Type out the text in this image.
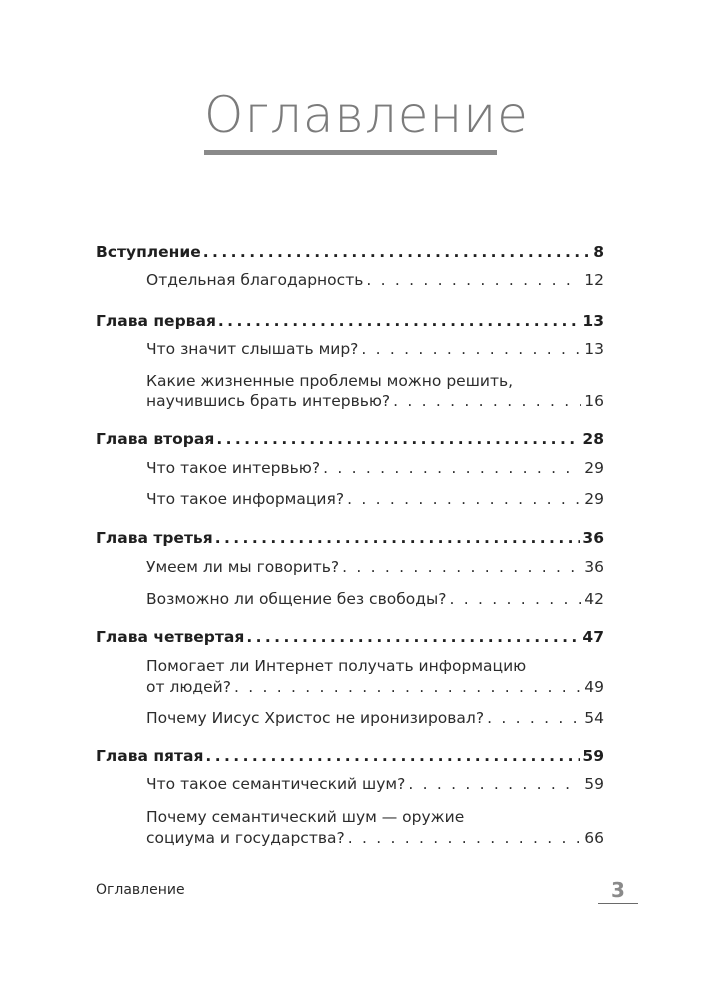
Оглавление
Вступление .....	8
Отдельная благодарность . . .	12
Глава первая .....	13
Что значит слышать мир? . . .	13
Какие жизненные проблемы можно решить,
научившись брать интервью? . . .	16
Глава вторая .....	28
Что такое интервью? . . .	29
Что такое информация? . . .	29
Глава третья .....	36
Умеем ли мы говорить? . . .	36
Возможно ли общение без свободы? . . .	42
Глава четвертая .....	47
Помогает ли Интернет получать информацию
от людей? . . .	49
Почему Иисус Христос не иронизировал? . . .	54
Глава пятая .....	59
Что такое семантический шум? . . .	59
Почему семантический шум — оружие
социума и государства? . . .	66
Оглавление	3
